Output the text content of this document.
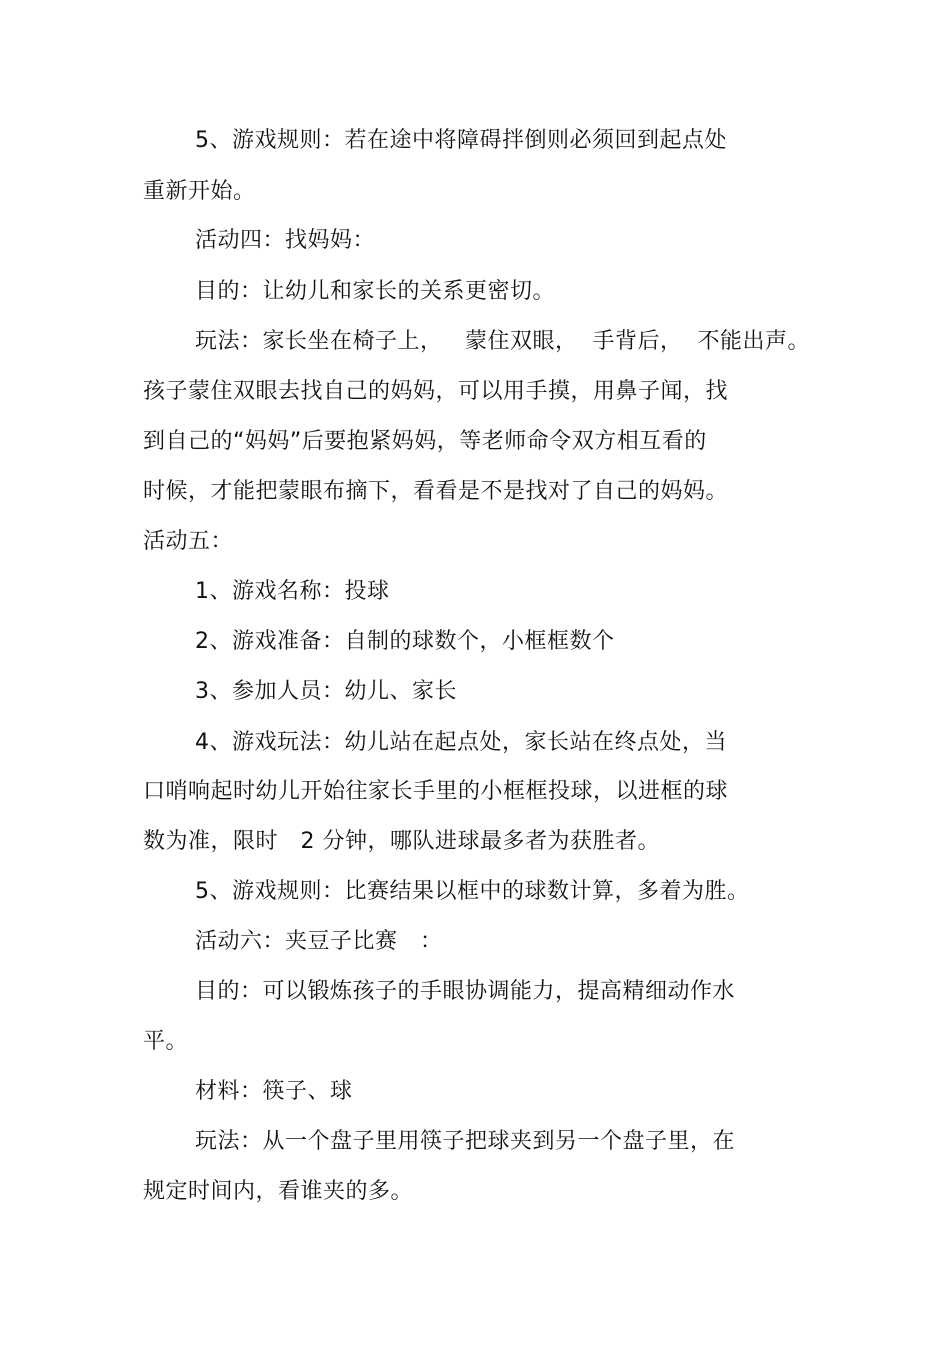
5、游戏规则：若在途中将障碍拌倒则必须回到起点处
重新开始。
活动四：找妈妈：
目的：让幼儿和家长的关系更密切。
玩法：家长坐在椅子上，   蒙住双眼，  手背后，  不能出声。
孩子蒙住双眼去找自己的妈妈，可以用手摸，用鼻子闻，找
到自己的“妈妈”后要抱紧妈妈，等老师命令双方相互看的
时候，才能把蒙眼布摘下，看看是不是找对了自己的妈妈。
活动五：
1、游戏名称：投球
2、游戏准备：自制的球数个，小框框数个
3、参加人员：幼儿、家长
4、游戏玩法：幼儿站在起点处，家长站在终点处，当
口哨响起时幼儿开始往家长手里的小框框投球，以进框的球
数为准，限时   2 分钟，哪队进球最多者为获胜者。
5、游戏规则：比赛结果以框中的球数计算，多着为胜。
活动六：夹豆子比赛   ：
目的：可以锻炼孩子的手眼协调能力，提高精细动作水
平。
材料：筷子、球
玩法：从一个盘子里用筷子把球夹到另一个盘子里，在
规定时间内，看谁夹的多。
